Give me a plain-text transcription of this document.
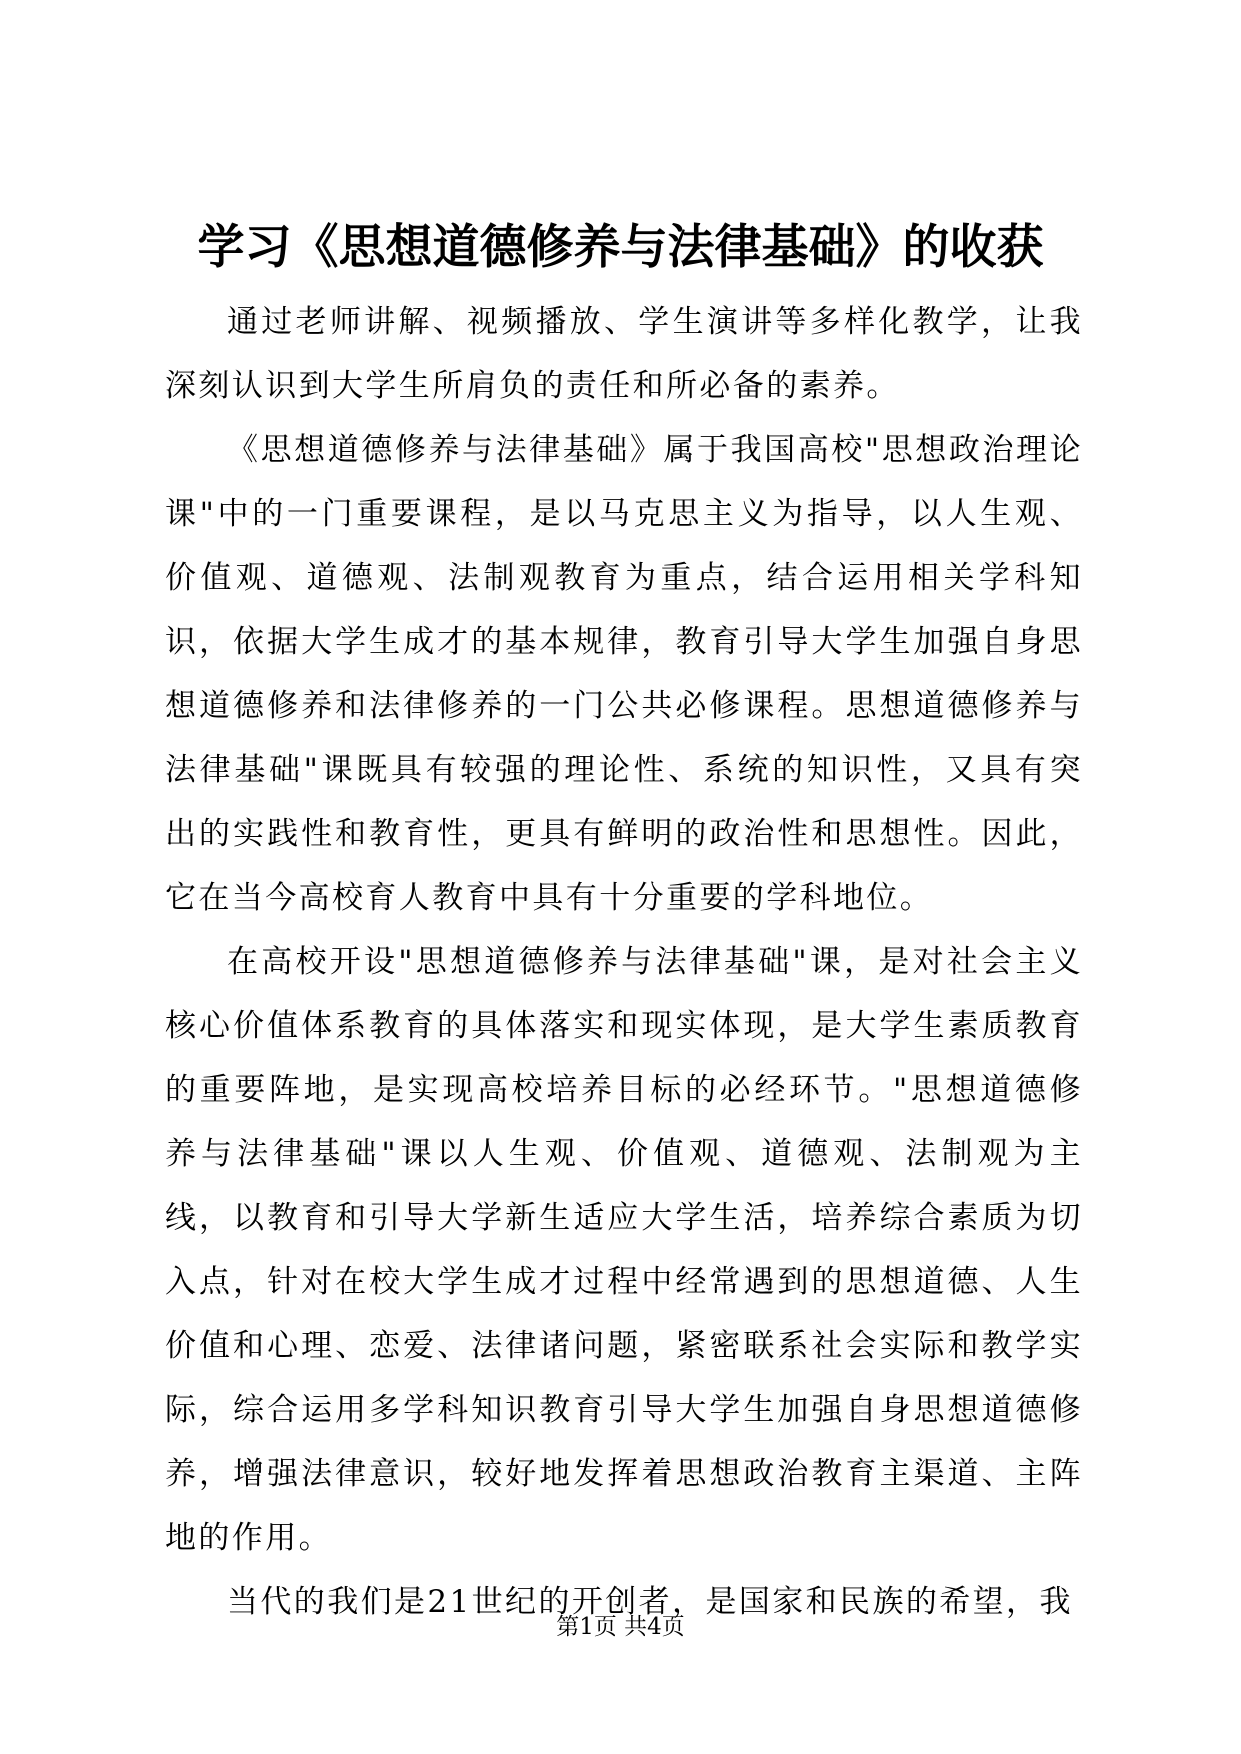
学习《思想道德修养与法律基础》的收获

通过老师讲解、视频播放、学生演讲等多样化教学，让我深刻认识到大学生所肩负的责任和所必备的素养。

《思想道德修养与法律基础》属于我国高校"思想政治理论课"中的一门重要课程，是以马克思主义为指导，以人生观、价值观、道德观、法制观教育为重点，结合运用相关学科知识，依据大学生成才的基本规律，教育引导大学生加强自身思想道德修养和法律修养的一门公共必修课程。思想道德修养与法律基础"课既具有较强的理论性、系统的知识性，又具有突出的实践性和教育性，更具有鲜明的政治性和思想性。因此，它在当今高校育人教育中具有十分重要的学科地位。

在高校开设"思想道德修养与法律基础"课，是对社会主义核心价值体系教育的具体落实和现实体现，是大学生素质教育的重要阵地，是实现高校培养目标的必经环节。"思想道德修养与法律基础"课以人生观、价值观、道德观、法制观为主线，以教育和引导大学新生适应大学生活，培养综合素质为切入点，针对在校大学生成才过程中经常遇到的思想道德、人生价值和心理、恋爱、法律诸问题，紧密联系社会实际和教学实际，综合运用多学科知识教育引导大学生加强自身思想道德修养，增强法律意识，较好地发挥着思想政治教育主渠道、主阵地的作用。

当代的我们是21世纪的开创者，是国家和民族的希望，我

第1页 共4页
